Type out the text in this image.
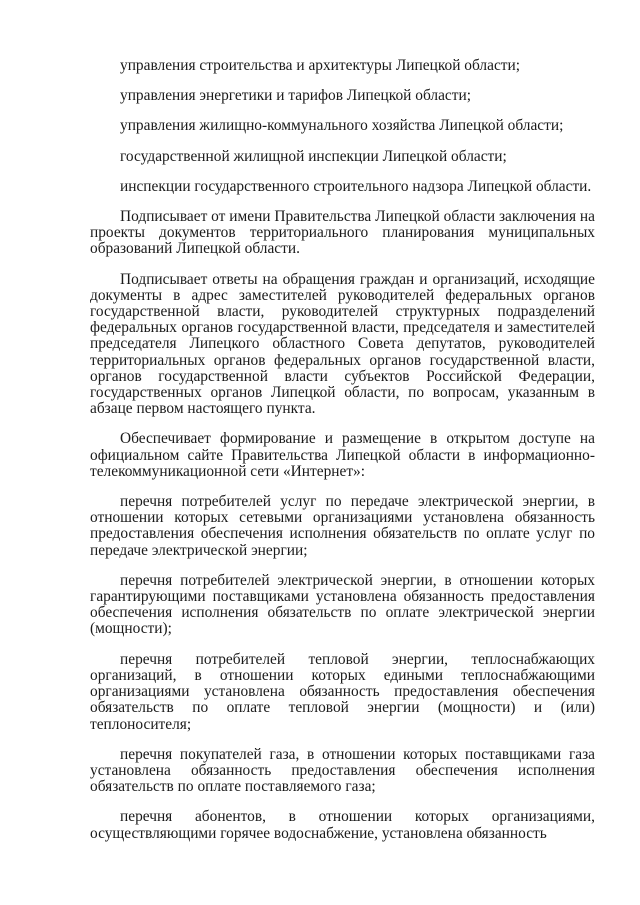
управления строительства и архитектуры Липецкой области;

управления энергетики и тарифов Липецкой области;

управления жилищно-коммунального хозяйства Липецкой области;

государственной жилищной инспекции Липецкой области;

инспекции государственного строительного надзора Липецкой области.

Подписывает от имени Правительства Липецкой области заключения на проекты документов территориального планирования муниципальных образований Липецкой области.

Подписывает ответы на обращения граждан и организаций, исходящие документы в адрес заместителей руководителей федеральных органов государственной власти, руководителей структурных подразделений федеральных органов государственной власти, председателя и заместителей председателя Липецкого областного Совета депутатов, руководителей территориальных органов федеральных органов государственной власти, органов государственной власти субъектов Российской Федерации, государственных органов Липецкой области, по вопросам, указанным в абзаце первом настоящего пункта.

Обеспечивает формирование и размещение в открытом доступе на официальном сайте Правительства Липецкой области в информационно-телекоммуникационной сети «Интернет»:

перечня потребителей услуг по передаче электрической энергии, в отношении которых сетевыми организациями установлена обязанность предоставления обеспечения исполнения обязательств по оплате услуг по передаче электрической энергии;

перечня потребителей электрической энергии, в отношении которых гарантирующими поставщиками установлена обязанность предоставления обеспечения исполнения обязательств по оплате электрической энергии (мощности);

перечня потребителей тепловой энергии, теплоснабжающих организаций, в отношении которых едиными теплоснабжающими организациями установлена обязанность предоставления обеспечения обязательств по оплате тепловой энергии (мощности) и (или) теплоносителя;

перечня покупателей газа, в отношении которых поставщиками газа установлена обязанность предоставления обеспечения исполнения обязательств по оплате поставляемого газа;

перечня абонентов, в отношении которых организациями, осуществляющими горячее водоснабжение, установлена обязанность
